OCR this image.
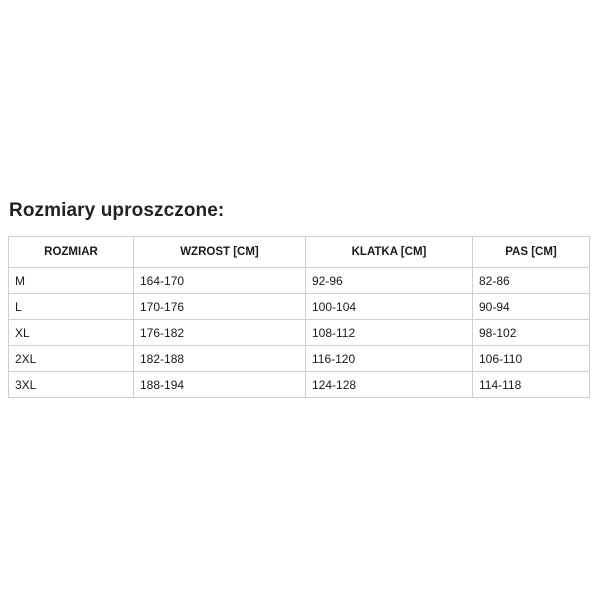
Rozmiary uproszczone:
ROZMIAR	WZROST [CM]	KLATKA [CM]	PAS [CM]
M	164-170	92-96	82-86
L	170-176	100-104	90-94
XL	176-182	108-112	98-102
2XL	182-188	116-120	106-110
3XL	188-194	124-128	114-118
